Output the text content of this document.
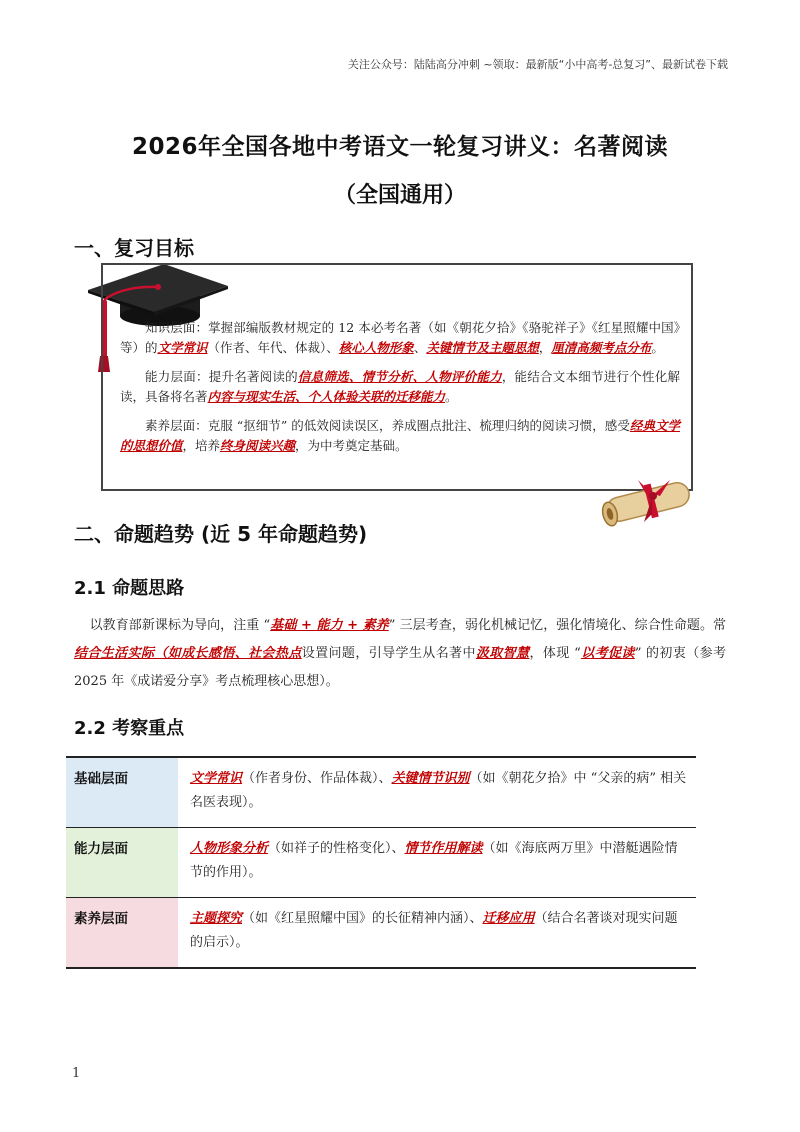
关注公众号：陆陆高分冲刺 ~领取：最新版“小中高考-总复习”、最新试卷下载
2026年全国各地中考语文一轮复习讲义：名著阅读
（全国通用）
一、复习目标

知识层面：掌握部编版教材规定的 12 本必考名著（如《朝花夕拾》《骆驼祥子》《红星照耀中国》等）的文学常识（作者、年代、体裁）、核心人物形象、关键情节及主题思想，厘清高频考点分布。

能力层面：提升名著阅读的信息筛选、情节分析、人物评价能力，能结合文本细节进行个性化解读，具备将名著内容与现实生活、个人体验关联的迁移能力。

素养层面：克服 “抠细节” 的低效阅读误区，养成圈点批注、梳理归纳的阅读习惯，感受经典文学的思想价值，培养终身阅读兴趣，为中考奠定基础。

二、命题趋势 (近 5 年命题趋势)
2.1 命题思路

以教育部新课标为导向，注重 “基础 + 能力 + 素养” 三层考查，弱化机械记忆，强化情境化、综合性命题。常结合生活实际（如成长感悟、社会热点设置问题，引导学生从名著中汲取智慧，体现 “以考促读” 的初衷（参考 2025 年《成诺爱分享》考点梳理核心思想）。

2.2 考察重点
基础层面	文学常识（作者身份、作品体裁）、关键情节识别（如《朝花夕拾》中 “父亲的病” 相关名医表现）。
能力层面	人物形象分析（如祥子的性格变化）、情节作用解读（如《海底两万里》中潜艇遇险情节的作用）。
素养层面	主题探究（如《红星照耀中国》的长征精神内涵）、迁移应用（结合名著谈对现实问题的启示）。
1
